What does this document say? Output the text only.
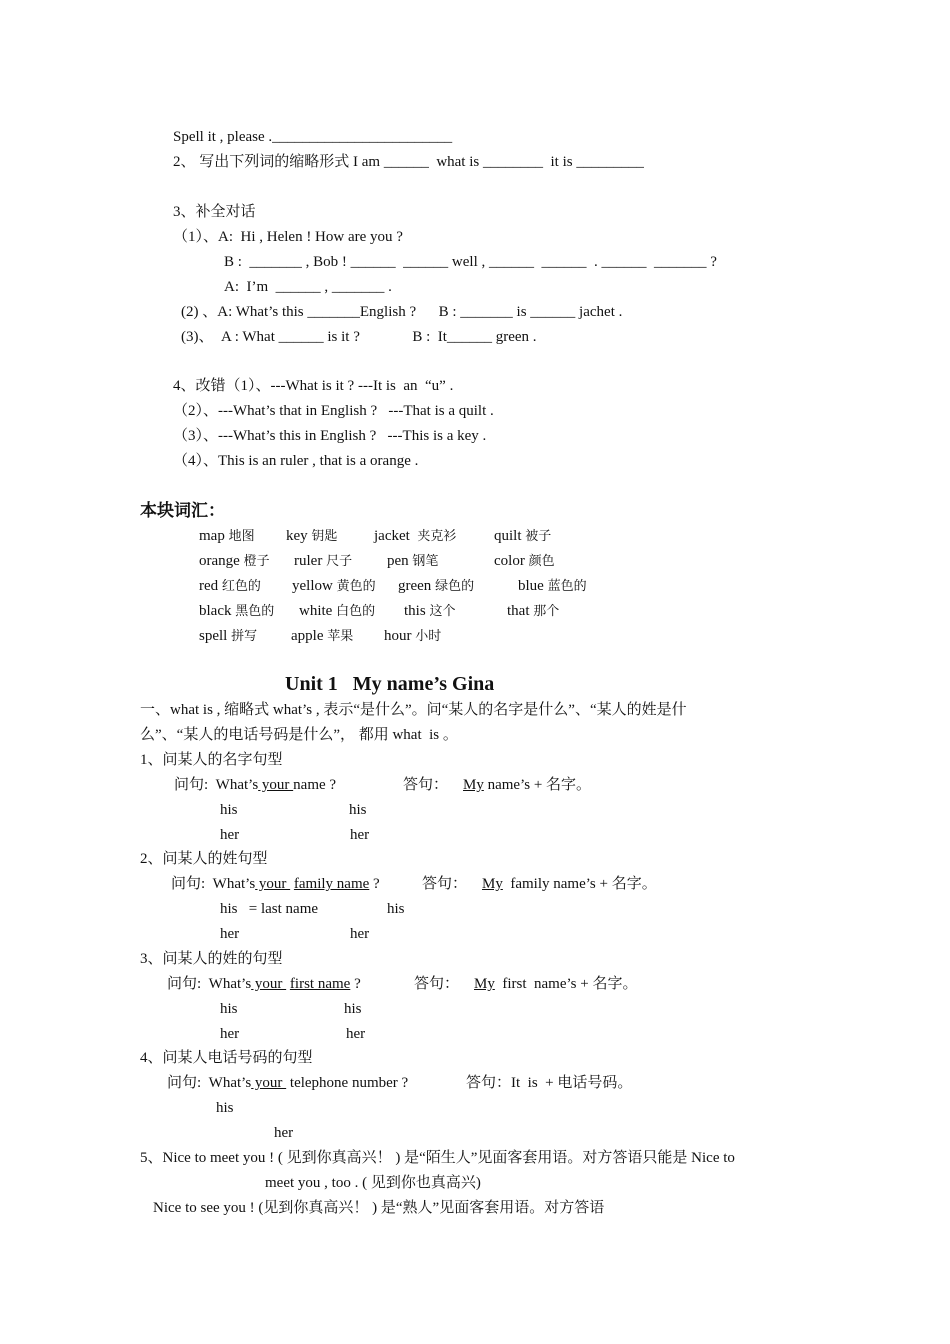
Spell it , please .________________________
2、 写出下列词的缩略形式 I am ______  what is ________  it is _________
3、补全对话
（1）、A:  Hi , Helen ! How are you ?
B :  _______ , Bob ! ______  ______ well , ______  ______  . ______  _______ ?
A:  I’m  ______ , _______ .
(2) 、A: What’s this _______English ?      B : _______ is ______ jachet .
(3)、  A : What ______ is it ?              B :  It______ green .
4、改错（1）、---What is it ? ---It is  an  “u” .
（2）、---What’s that in English ?   ---That is a quilt .
（3）、---What’s this in English ?   ---This is a key .
（4）、This is an ruler , that is a orange .
本块词汇：
map 地图 key 钥匙 jacket 夹克衫	quilt 被子
orange 橙子 ruler 尺子 pen 钢笔	color 颜色
red 红色的 yellow 黄色的 green 绿色的	blue 蓝色的
black 黑色的 white 白色的 this 这个	that 那个
spell 拼写 apple 苹果 hour 小时
Unit 1   My name’s Gina
一、what is , 缩略式 what’s , 表示“是什么”。问“某人的名字是什么”、“某人的姓是什
么”、“某人的电话号码是什么”， 都用 what  is 。
1、问某人的名字句型
问句:  What’s your name ?	答句： My name’s + 名字。
his	his
her	her
2、问某人的姓句型
问句:  What’s your  family name ?	答句： My  family name’s + 名字。
his   = last name	his
her	her
3、问某人的姓的句型
问句:  What’s your  first name ?	答句： My  first  name’s + 名字。
his	his
her	her
4、问某人电话号码的句型
问句:  What’s your  telephone number ?	答句：It  is  + 电话号码。
his
her
5、Nice to meet you ! ( 见到你真高兴！ ) 是“陌生人”见面客套用语。对方答语只能是 Nice to
meet you , too . ( 见到你也真高兴)
Nice to see you ! (见到你真高兴！ ) 是“熟人”见面客套用语。对方答语
